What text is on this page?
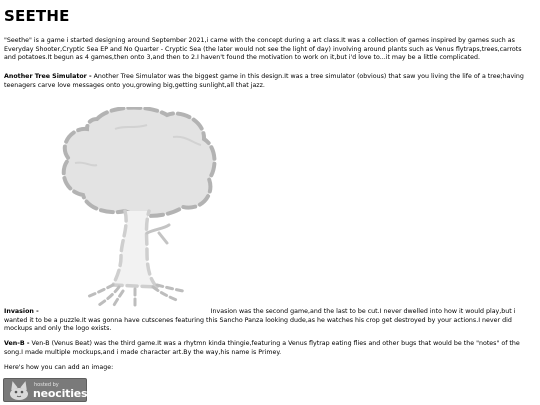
SEETHE

"Seethe" is a game i started designing around September 2021,i came with the concept during a art class.It was a collection of games inspired by games such as Everyday Shooter,Cryptic Sea EP and No Quarter - Cryptic Sea (the later would not see the light of day) involving around plants such as Venus flytraps,trees,carrots and potatoes.It begun as 4 games,then onto 3,and then to 2.I haven't found the motivation to work on it,but i'd love to...it may be a little complicated.

Another Tree Simulator - Another Tree Simulator was the biggest game in this design.It was a tree simulator (obvious) that saw you living the life of a tree;having teenagers carve love messages onto you,growing big,getting sunlight,all that jazz.

Invasion -	Invasion was the second game,and the last to be cut.I never dwelled into how it would play,but i wanted it to be a puzzle.It was gonna have cutscenes featuring this Sancho Panza looking dude,as he watches his crop get destroyed by your actions.I never did mockups and only the logo exists.

Ven-B - Ven-B (Venus Beat) was the third game.It was a rhytmn kinda thingie,featuring a Venus flytrap eating flies and other bugs that would be the "notes" of the song.I made multiple mockups,and i made character art.By the way,his name is Primey.

Here's how you can add an image:

hosted by
neocities
